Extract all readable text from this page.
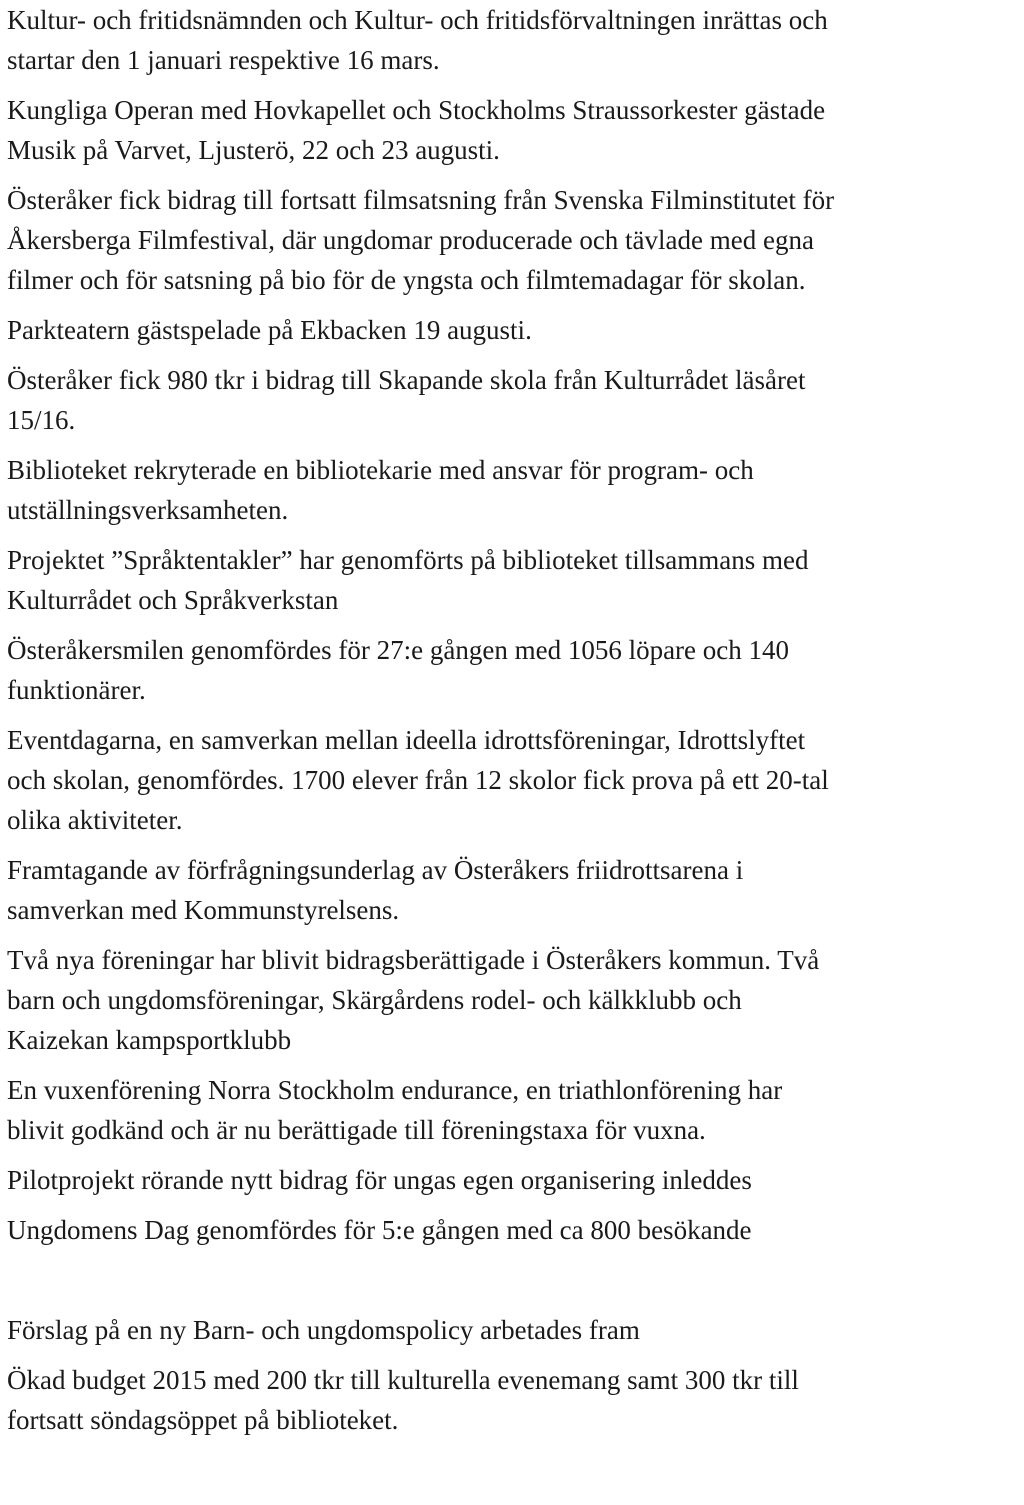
Kultur- och fritidsnämnden och Kultur- och fritidsförvaltningen inrättas och
startar den 1 januari respektive 16 mars.
Kungliga Operan med Hovkapellet och Stockholms Straussorkester gästade
Musik på Varvet, Ljusterö, 22 och 23 augusti.
Österåker fick bidrag till fortsatt filmsatsning från Svenska Filminstitutet för
Åkersberga Filmfestival, där ungdomar producerade och tävlade med egna
filmer och för satsning på bio för de yngsta och filmtemadagar för skolan.
Parkteatern gästspelade på Ekbacken 19 augusti.
Österåker fick 980 tkr i bidrag till Skapande skola från Kulturrådet läsåret
15/16.
Biblioteket rekryterade en bibliotekarie med ansvar för program- och
utställningsverksamheten.
Projektet ”Språktentakler” har genomförts på biblioteket tillsammans med
Kulturrådet och Språkverkstan
Österåkersmilen genomfördes för 27:e gången med 1056 löpare och 140
funktionärer.
Eventdagarna, en samverkan mellan ideella idrottsföreningar, Idrottslyftet
och skolan, genomfördes. 1700 elever från 12 skolor fick prova på ett 20-tal
olika aktiviteter.
Framtagande av förfrågningsunderlag av Österåkers friidrottsarena i
samverkan med Kommunstyrelsens.
Två nya föreningar har blivit bidragsberättigade i Österåkers kommun. Två
barn och ungdomsföreningar, Skärgårdens rodel- och kälkklubb och
Kaizekan kampsportklubb
En vuxenförening Norra Stockholm endurance, en triathlonförening har
blivit godkänd och är nu berättigade till föreningstaxa för vuxna.
Pilotprojekt rörande nytt bidrag för ungas egen organisering inleddes
Ungdomens Dag genomfördes för 5:e gången med ca 800 besökande
Förslag på en ny Barn- och ungdomspolicy arbetades fram
Ökad budget 2015 med 200 tkr till kulturella evenemang samt 300 tkr till
fortsatt söndagsöppet på biblioteket.
